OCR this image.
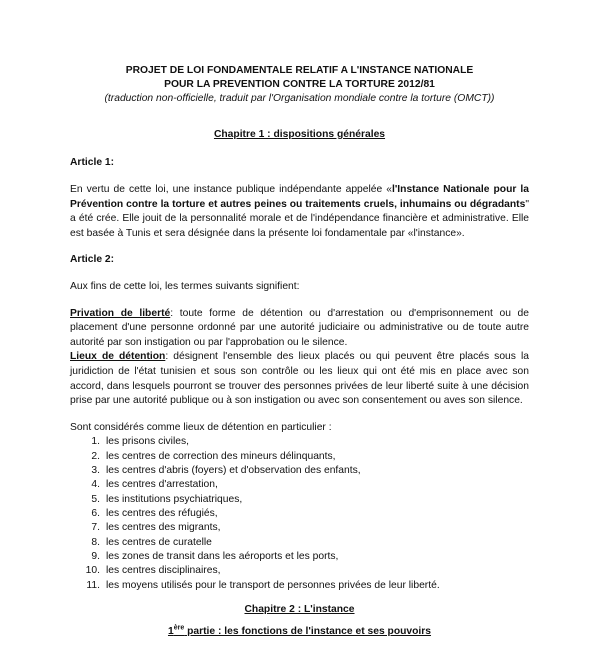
PROJET DE LOI FONDAMENTALE RELATIF A L'INSTANCE NATIONALE
POUR LA PREVENTION CONTRE LA TORTURE 2012/81
(traduction non-officielle, traduit par l'Organisation mondiale contre la torture (OMCT))
Chapitre 1 : dispositions générales
Article 1:

En vertu de cette loi, une instance publique indépendante appelée «l'Instance Nationale pour la Prévention contre la torture et autres peines ou traitements cruels, inhumains ou dégradants" a été crée. Elle jouit de la personnalité morale et de l'indépendance financière et administrative. Elle est basée à Tunis et sera désignée dans la présente loi fondamentale par «l'instance».

Article 2:

Aux fins de cette loi, les termes suivants signifient:

Privation de liberté: toute forme de détention ou d'arrestation ou d'emprisonnement ou de placement d'une personne ordonné par une autorité judiciaire ou administrative ou de toute autre autorité par son instigation ou par l'approbation ou le silence.

Lieux de détention: désignent l'ensemble des lieux placés ou qui peuvent être placés sous la juridiction de l'état tunisien et sous son contrôle ou les lieux qui ont été mis en place avec son accord, dans lesquels pourront se trouver des personnes privées de leur liberté suite à une décision prise par une autorité publique ou à son instigation ou avec son consentement ou aves son silence.

Sont considérés comme lieux de détention en particulier :

les prisons civiles,
les centres de correction des mineurs délinquants,
les centres d'abris (foyers) et d'observation des enfants,
les centres d'arrestation,
les institutions psychiatriques,
les centres des réfugiés,
les centres des migrants,
les centres de curatelle
les zones de transit dans les aéroports et les ports,
les centres disciplinaires,
les moyens utilisés pour le transport de personnes privées de leur liberté.
Chapitre 2 : L'instance
1ère partie : les fonctions de l'instance et ses pouvoirs
